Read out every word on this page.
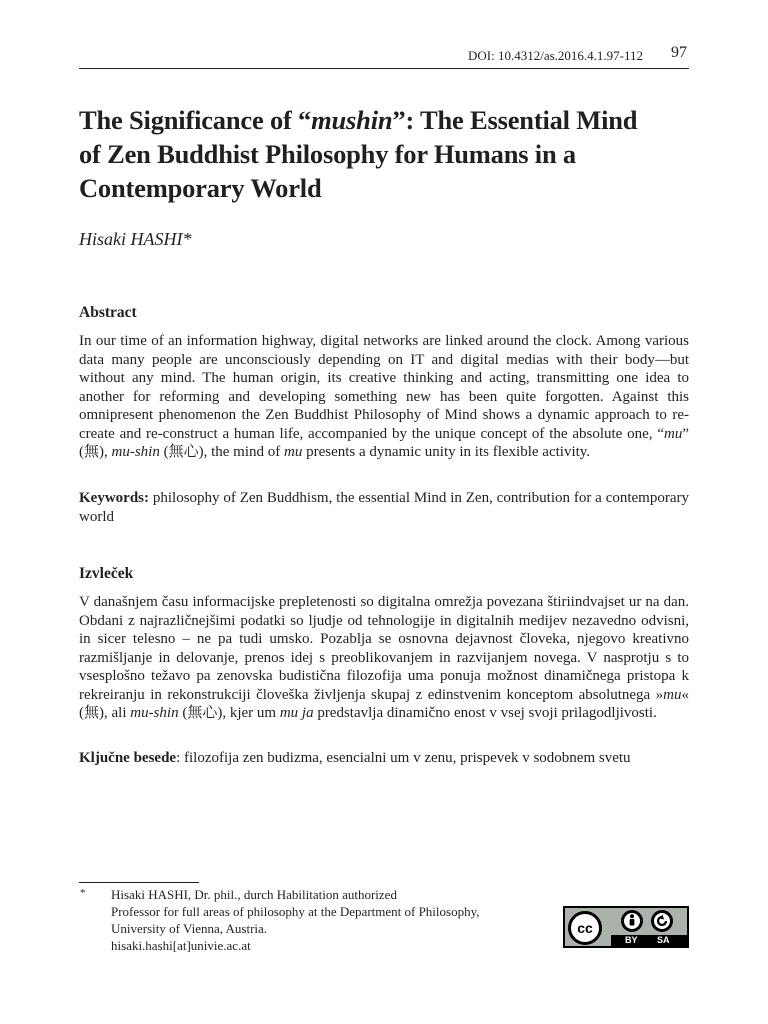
DOI: 10.4312/as.2016.4.1.97-112 97
The Significance of “mushin”: The Essential Mind
of Zen Buddhist Philosophy for Humans in a
Contemporary World
Hisaki HASHI*
Abstract

In our time of an information highway, digital networks are linked around the clock. Among various data many people are unconsciously depending on IT and digital medias with their body—but without any mind. The human origin, its creative thinking and acting, transmitting one idea to another for reforming and developing something new has been quite forgotten. Against this omnipresent phenomenon the Zen Buddhist Philosophy of Mind shows a dynamic approach to re-create and re-construct a human life, accompanied by the unique concept of the absolute one, “mu” (無), mu-shin (無心), the mind of mu presents a dynamic unity in its flexible activity.

Keywords: philosophy of Zen Buddhism, the essential Mind in Zen, contribution for a contemporary world

Izvleček

V današnjem času informacijske prepletenosti so digitalna omrežja povezana štiriindvajset ur na dan. Obdani z najrazličnejšimi podatki so ljudje od tehnologije in digitalnih medijev nezavedno odvisni, in sicer telesno – ne pa tudi umsko. Pozablja se osnovna dejavnost človeka, njegovo kreativno razmišljanje in delovanje, prenos idej s preoblikovanjem in razvijanjem novega. V nasprotju s to vsesplošno težavo pa zenovska budistična filozofija uma ponuja možnost dinamičnega pristopa k rekreiranju in rekonstrukciji človeška življenja skupaj z edinstvenim konceptom absolutnega »mu« (無), ali mu-shin (無心), kjer um mu ja predstavlja dinamično enost v vsej svoji prilagodljivosti.

Ključne besede: filozofija zen budizma, esencialni um v zenu, prispevek v sodobnem svetu

* Hisaki HASHI, Dr. phil., durch Habilitation authorized
Professor for full areas of philosophy at the Department of Philosophy,
University of Vienna, Austria.
hisaki.hashi[at]univie.ac.at
cc
BY SA
